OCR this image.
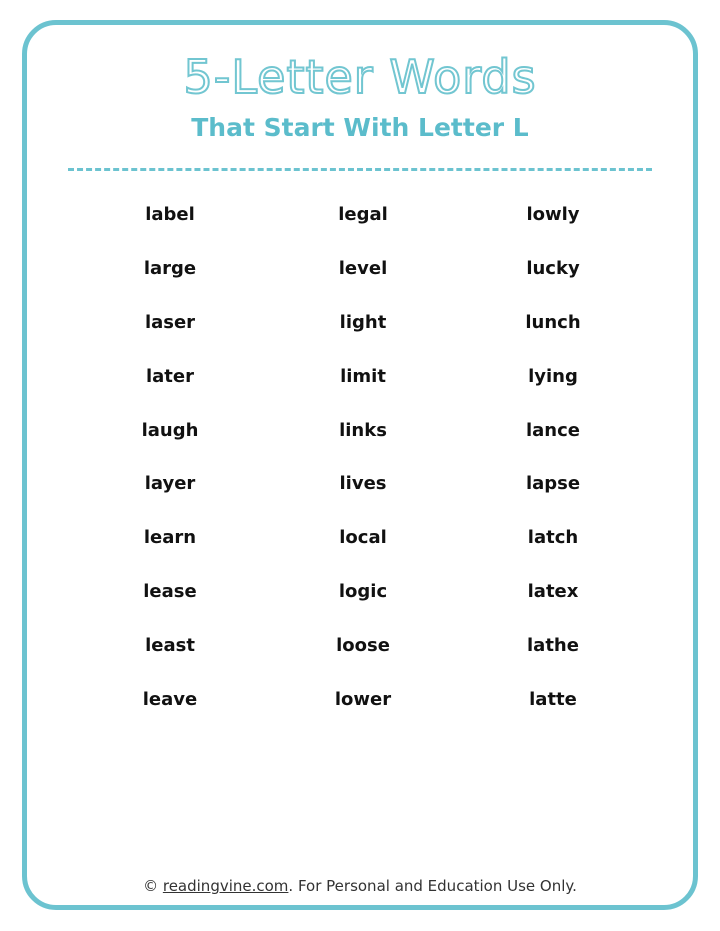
5-Letter Words
That Start With Letter L
label
large
laser
later
laugh
layer
learn
lease
least
leave
legal
level
light
limit
links
lives
local
logic
loose
lower
lowly
lucky
lunch
lying
lance
lapse
latch
latex
lathe
latte
© readingvine.com. For Personal and Education Use Only.
